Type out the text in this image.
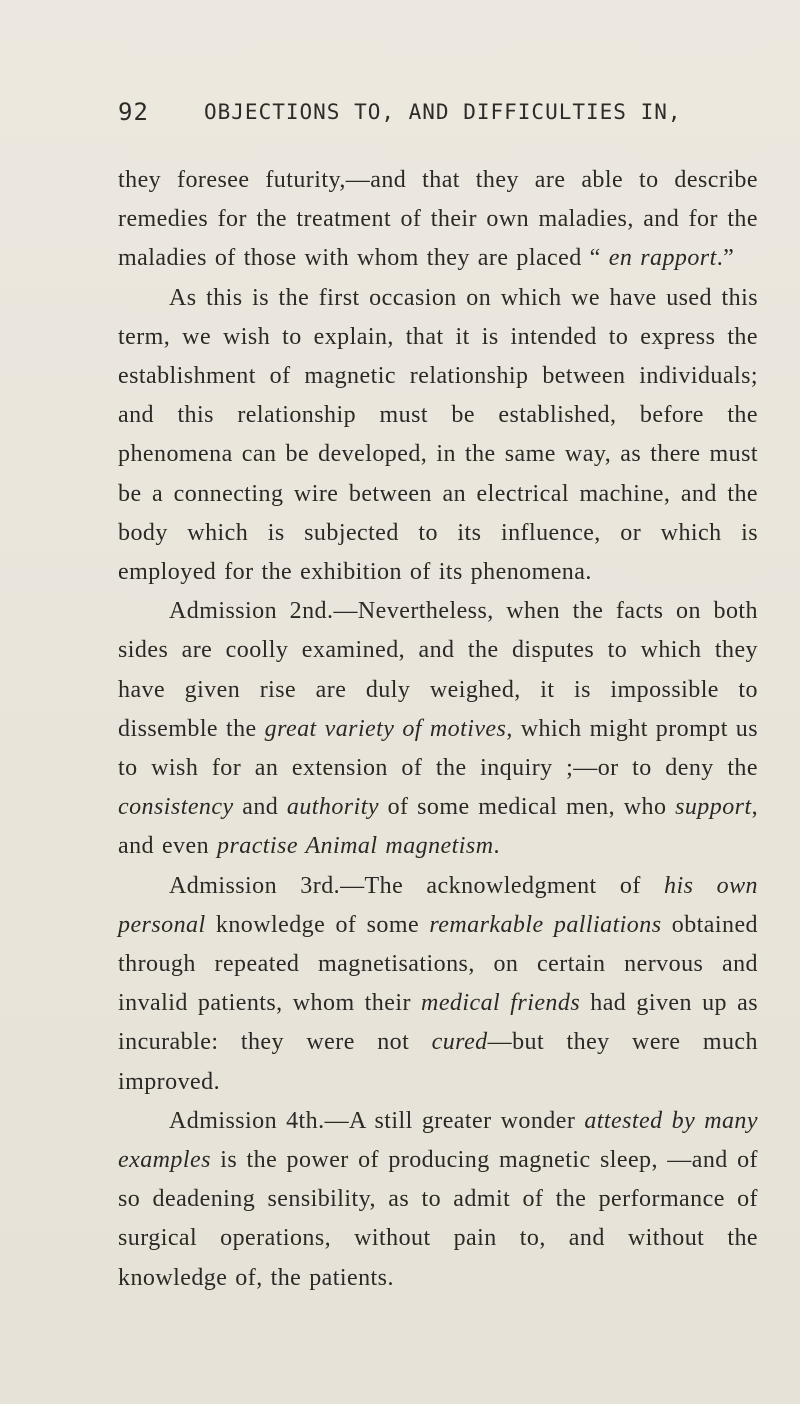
92	OBJECTIONS TO, AND DIFFICULTIES IN,

they foresee futurity,—and that they are able to describe remedies for the treatment of their own maladies, and for the maladies of those with whom they are placed “ en rapport.”

As this is the first occasion on which we have used this term, we wish to explain, that it is intended to express the establishment of magnetic relationship between individuals; and this relationship must be established, before the phenomena can be developed, in the same way, as there must be a connecting wire between an electrical machine, and the body which is subjected to its influence, or which is employed for the exhibition of its phenomena.

Admission 2nd.—Nevertheless, when the facts on both sides are coolly examined, and the disputes to which they have given rise are duly weighed, it is impossible to dissemble the great variety of motives, which might prompt us to wish for an extension of the inquiry ;—or to deny the consistency and authority of some medical men, who support, and even practise Animal magnetism.

Admission 3rd.—The acknowledgment of his own personal knowledge of some remarkable palliations obtained through repeated magnetisations, on certain nervous and invalid patients, whom their medical friends had given up as incurable: they were not cured—but they were much improved.

Admission 4th.—A still greater wonder attested by many examples is the power of producing magnetic sleep, —and of so deadening sensibility, as to admit of the performance of surgical operations, without pain to, and without the knowledge of, the patients.
